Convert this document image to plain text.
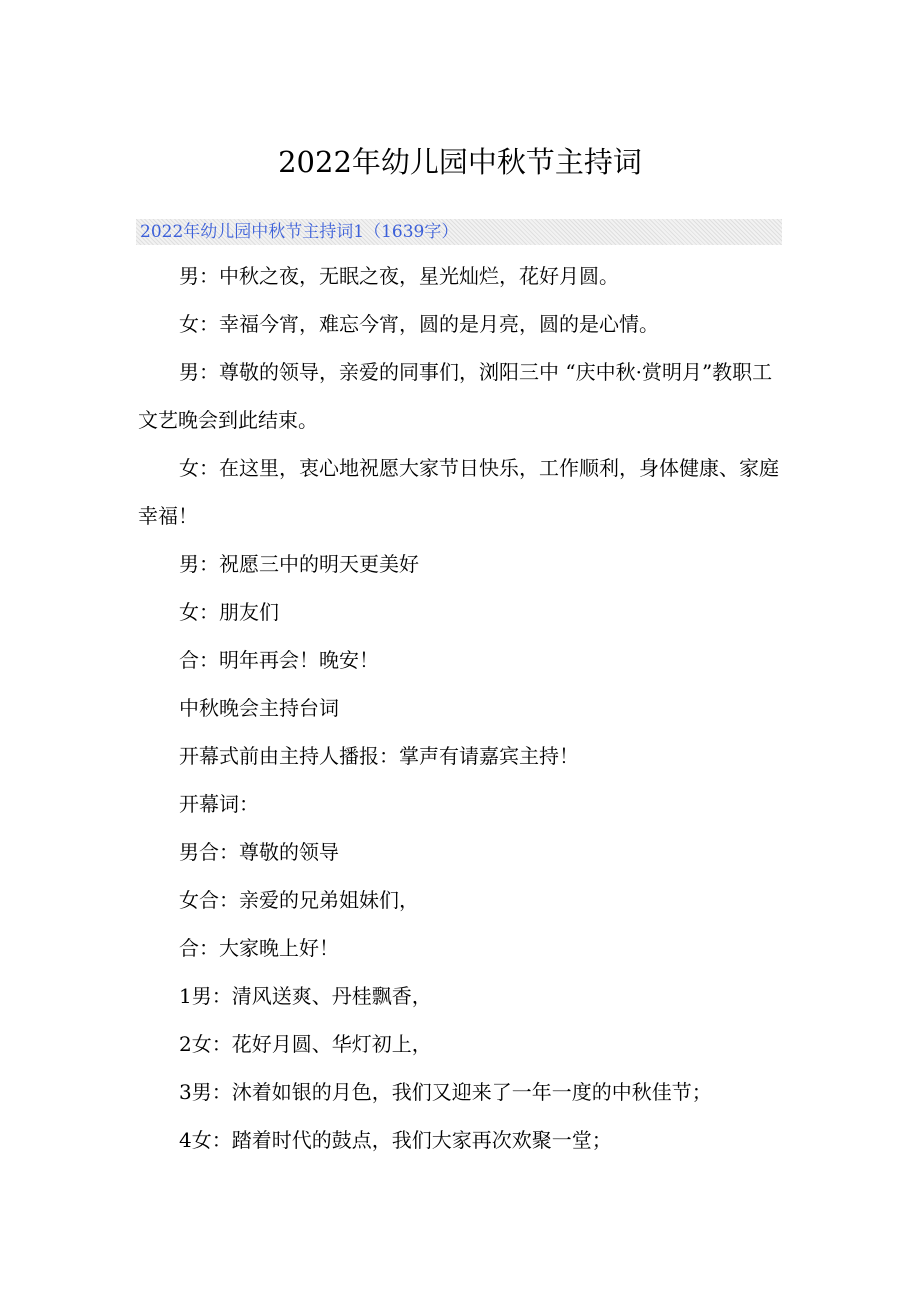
2022年幼儿园中秋节主持词
2022年幼儿园中秋节主持词1（1639字）

男：中秋之夜，无眠之夜，星光灿烂，花好月圆。

女：幸福今宵，难忘今宵，圆的是月亮，圆的是心情。

男：尊敬的领导，亲爱的同事们，浏阳三中 “庆中秋·赏明月”教职工文艺晚会到此结束。

女：在这里，衷心地祝愿大家节日快乐，工作顺利，身体健康、家庭幸福！

男：祝愿三中的明天更美好

女：朋友们

合：明年再会！晚安！

中秋晚会主持台词

开幕式前由主持人播报：掌声有请嘉宾主持！

开幕词：

男合：尊敬的领导

女合：亲爱的兄弟姐妹们，

合：大家晚上好！

1男：清风送爽、丹桂飘香，

2女：花好月圆、华灯初上，

3男：沐着如银的月色，我们又迎来了一年一度的中秋佳节；

4女：踏着时代的鼓点，我们大家再次欢聚一堂；
